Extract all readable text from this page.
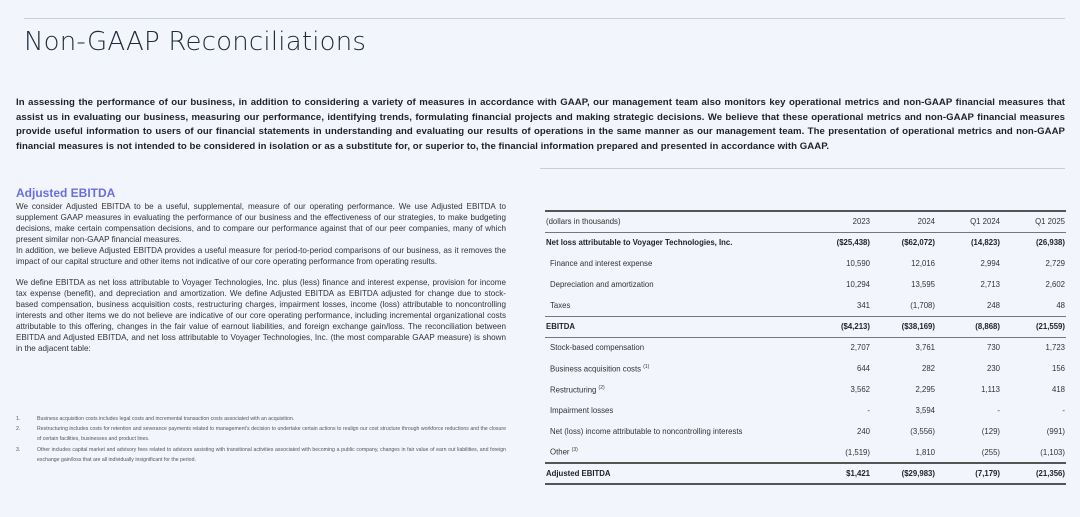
Non-GAAP Reconciliations

In assessing the performance of our business, in addition to considering a variety of measures in accordance with GAAP, our management team also monitors key operational metrics and non-GAAP financial measures that assist us in evaluating our business, measuring our performance, identifying trends, formulating financial projects and making strategic decisions. We believe that these operational metrics and non-GAAP financial measures provide useful information to users of our financial statements in understanding and evaluating our results of operations in the same manner as our management team. The presentation of operational metrics and non-GAAP financial measures is not intended to be considered in isolation or as a substitute for, or superior to, the financial information prepared and presented in accordance with GAAP.

Adjusted EBITDA

We consider Adjusted EBITDA to be a useful, supplemental, measure of our operating performance. We use Adjusted EBITDA to supplement GAAP measures in evaluating the performance of our business and the effectiveness of our strategies, to make budgeting decisions, make certain compensation decisions, and to compare our performance against that of our peer companies, many of which present similar non-GAAP financial measures.

In addition, we believe Adjusted EBITDA provides a useful measure for period-to-period comparisons of our business, as it removes the impact of our capital structure and other items not indicative of our core operating performance from operating results.

We define EBITDA as net loss attributable to Voyager Technologies, Inc. plus (less) finance and interest expense, provision for income tax expense (benefit), and depreciation and amortization. We define Adjusted EBITDA as EBITDA adjusted for change due to stock-based compensation, business acquisition costs, restructuring charges, impairment losses, income (loss) attributable to noncontrolling interests and other items we do not believe are indicative of our core operating performance, including incremental organizational costs attributable to this offering, changes in the fair value of earnout liabilities, and foreign exchange gain/loss. The reconciliation between EBITDA and Adjusted EBITDA, and net loss attributable to Voyager Technologies, Inc. (the most comparable GAAP measure) is shown in the adjacent table:

1.	Business acquisition costs includes legal costs and incremental transaction costs associated with an acquisition.
2.	Restructuring includes costs for retention and severance payments related to management's decision to undertake certain actions to realign our cost structure through workforce reductions and the closure of certain facilities, businesses and product lines.
3.	Other includes capital market and advisory fees related to advisors assisting with transitional activities associated with becoming a public company, changes in fair value of earn out liabilities, and foreign exchange gain/loss that are all individually insignificant for the period.
(dollars in thousands)	2023	2024	Q1 2024	Q1 2025
Net loss attributable to Voyager Technologies, Inc.	($25,438)	($62,072)	(14,823)	(26,938)
Finance and interest expense	10,590	12,016	2,994	2,729
Depreciation and amortization	10,294	13,595	2,713	2,602
Taxes	341	(1,708)	248	48
EBITDA	($4,213)	($38,169)	(8,868)	(21,559)
Stock-based compensation	2,707	3,761	730	1,723
Business acquisition costs $^{(1)}$	644	282	230	156
Restructuring $^{(2)}$	3,562	2,295	1,113	418
Impairment losses	-	3,594	-	-
Net (loss) income attributable to noncontrolling interests	240	(3,556)	(129)	(991)
Other $^{(3)}$	(1,519)	1,810	(255)	(1,103)
Adjusted EBITDA	$1,421	($29,983)	(7,179)	(21,356)
